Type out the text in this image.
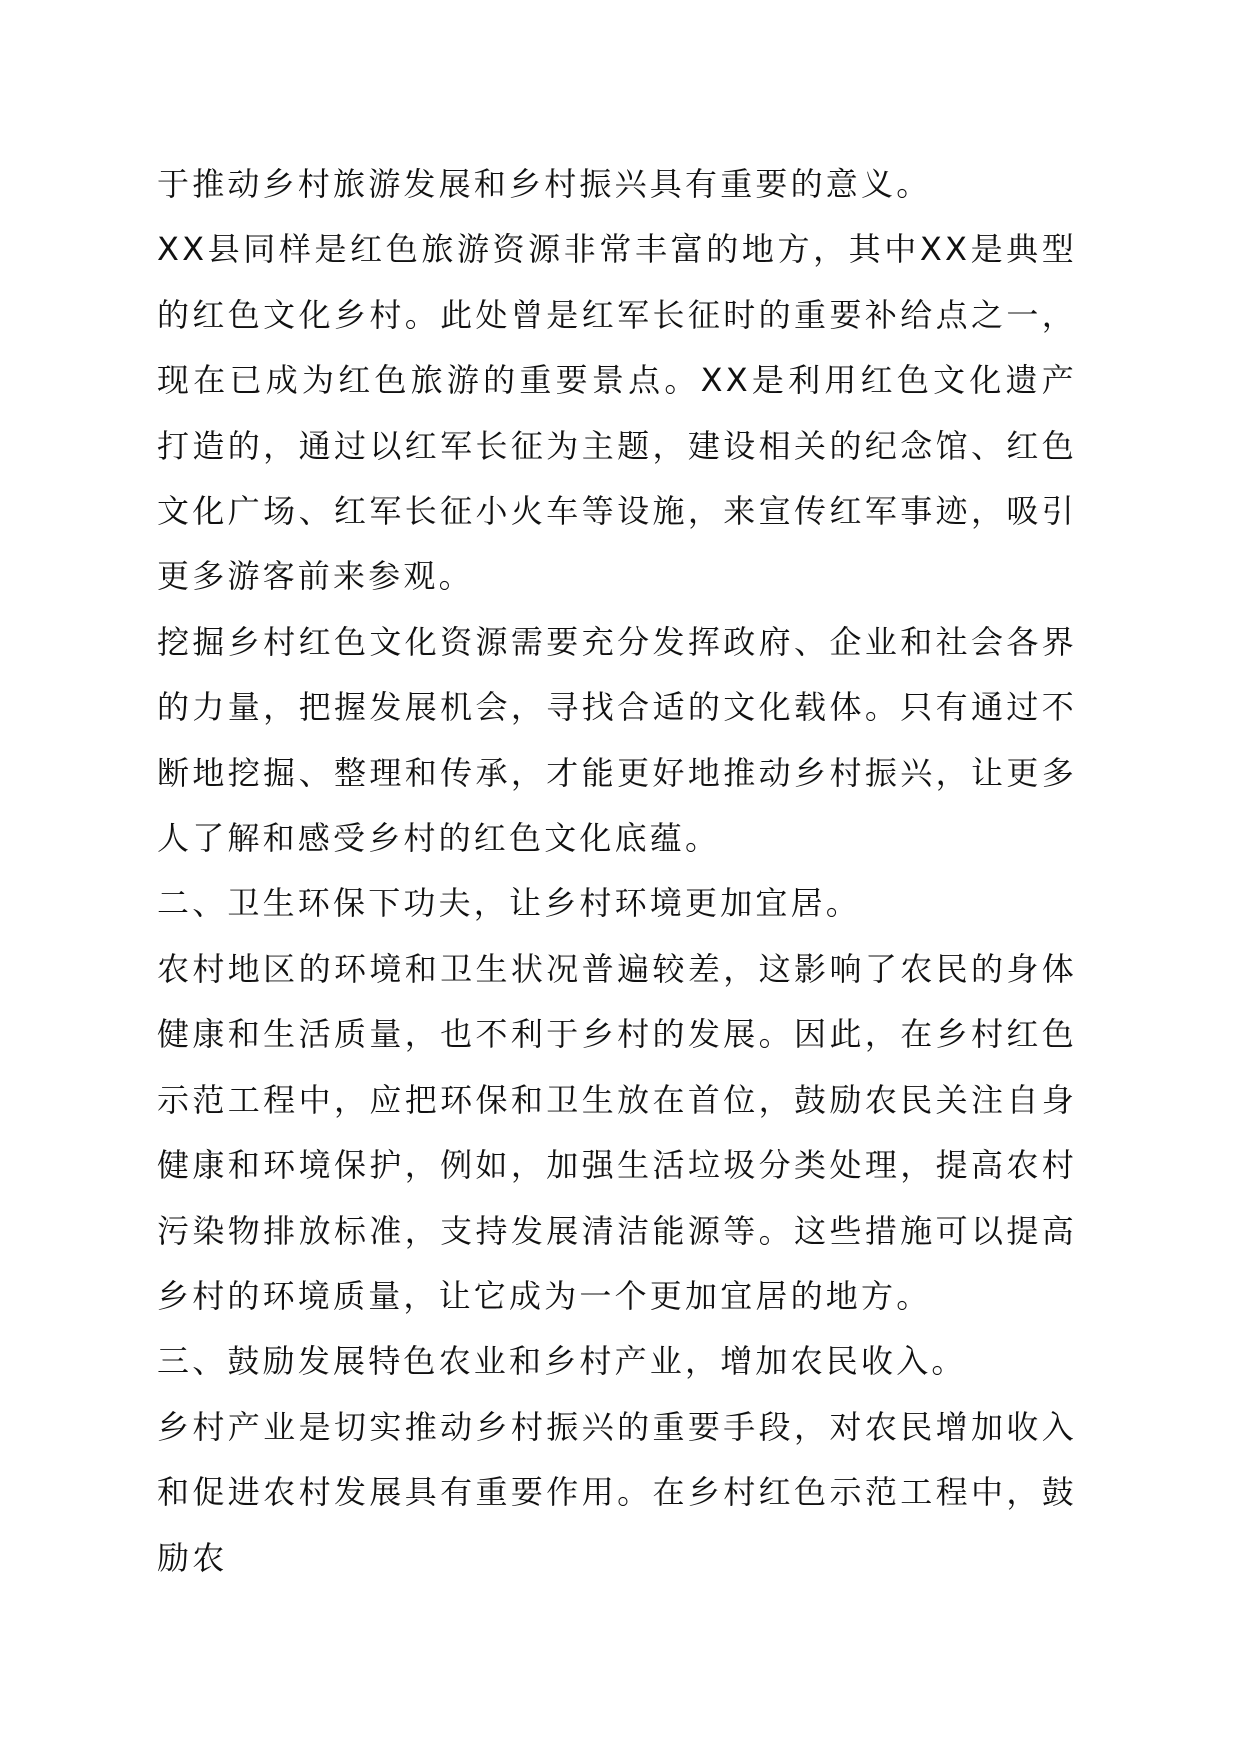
于推动乡村旅游发展和乡村振兴具有重要的意义。

XX县同样是红色旅游资源非常丰富的地方，其中XX是典型的红色文化乡村。此处曾是红军长征时的重要补给点之一，现在已成为红色旅游的重要景点。XX是利用红色文化遗产打造的，通过以红军长征为主题，建设相关的纪念馆、红色文化广场、红军长征小火车等设施，来宣传红军事迹，吸引更多游客前来参观。

挖掘乡村红色文化资源需要充分发挥政府、企业和社会各界的力量，把握发展机会，寻找合适的文化载体。只有通过不断地挖掘、整理和传承，才能更好地推动乡村振兴，让更多人了解和感受乡村的红色文化底蕴。

二、卫生环保下功夫，让乡村环境更加宜居。

农村地区的环境和卫生状况普遍较差，这影响了农民的身体健康和生活质量，也不利于乡村的发展。因此，在乡村红色示范工程中，应把环保和卫生放在首位，鼓励农民关注自身健康和环境保护，例如，加强生活垃圾分类处理，提高农村污染物排放标准，支持发展清洁能源等。这些措施可以提高乡村的环境质量，让它成为一个更加宜居的地方。

三、鼓励发展特色农业和乡村产业，增加农民收入。

乡村产业是切实推动乡村振兴的重要手段，对农民增加收入和促进农村发展具有重要作用。在乡村红色示范工程中，鼓励农
